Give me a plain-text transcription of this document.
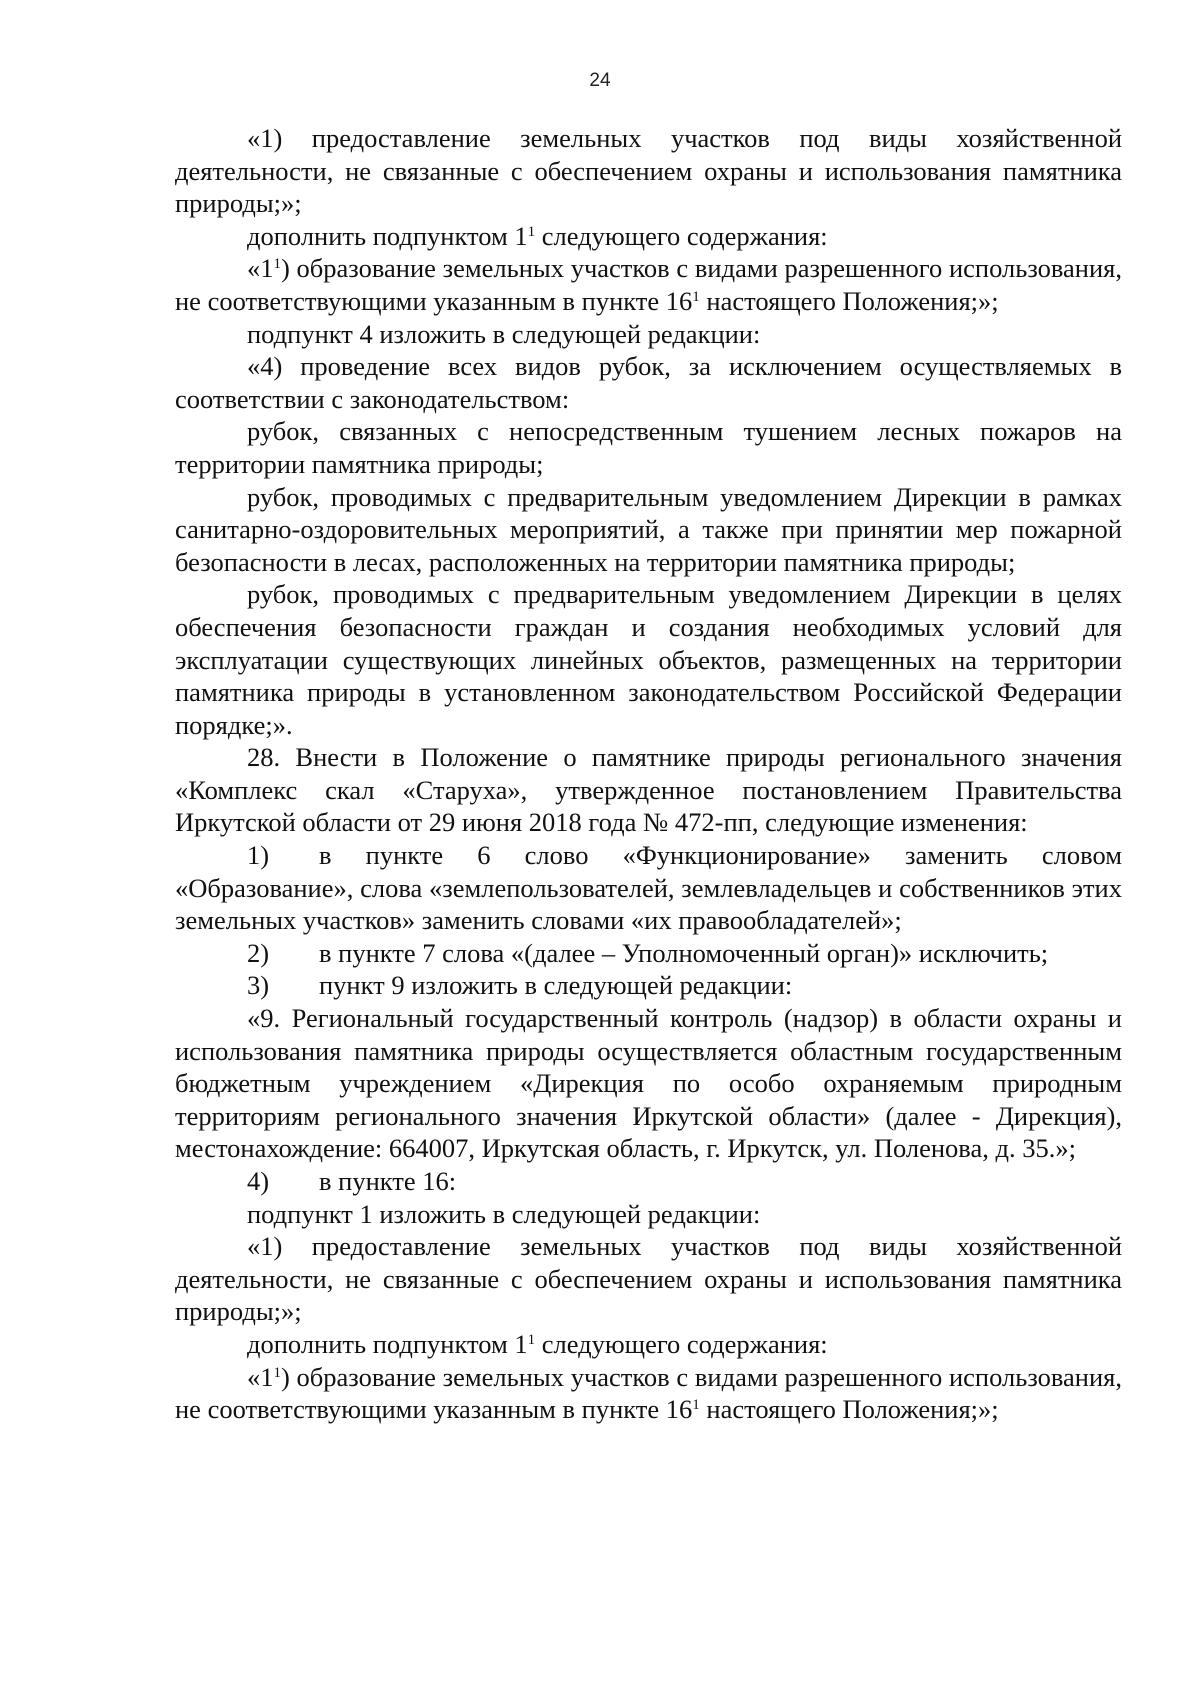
24

«1) предоставление земельных участков под виды хозяйственной деятельности, не связанные с обеспечением охраны и использования памятника природы;»;

дополнить подпунктом $1^1$ следующего содержания:

«$1^1$) образование земельных участков с видами разрешенного использования, не соответствующими указанным в пункте $16^1$ настоящего Положения;»;

подпункт 4 изложить в следующей редакции:

«4) проведение всех видов рубок, за исключением осуществляемых в соответствии с законодательством:

рубок, связанных с непосредственным тушением лесных пожаров на территории памятника природы;

рубок, проводимых с предварительным уведомлением Дирекции в рамках санитарно-оздоровительных мероприятий, а также при принятии мер пожарной безопасности в лесах, расположенных на территории памятника природы;

рубок, проводимых с предварительным уведомлением Дирекции в целях обеспечения безопасности граждан и создания необходимых условий для эксплуатации существующих линейных объектов, размещенных на территории памятника природы в установленном законодательством Российской Федерации порядке;».

28. Внести в Положение о памятнике природы регионального значения «Комплекс скал «Старуха», утвержденное постановлением Правительства Иркутской области от 29 июня 2018 года № 472-пп, следующие изменения:

1)	в пункте 6 слово «Функционирование» заменить словом

«Образование», слова «землепользователей, землевладельцев и собственников этих земельных участков» заменить словами «их правообладателей»;

2)	в пункте 7 слова «(далее – Уполномоченный орган)» исключить;
3)	пункт 9 изложить в следующей редакции:

«9. Региональный государственный контроль (надзор) в области охраны и использования памятника природы осуществляется областным государственным бюджетным учреждением «Дирекция по особо охраняемым природным территориям регионального значения Иркутской области» (далее - Дирекция), местонахождение: 664007, Иркутская область, г. Иркутск, ул. Поленова, д. 35.»;

4)	в пункте 16:

подпункт 1 изложить в следующей редакции:

«1) предоставление земельных участков под виды хозяйственной деятельности, не связанные с обеспечением охраны и использования памятника природы;»;

дополнить подпунктом $1^1$ следующего содержания:

«$1^1$) образование земельных участков с видами разрешенного использования, не соответствующими указанным в пункте $16^1$ настоящего Положения;»;
